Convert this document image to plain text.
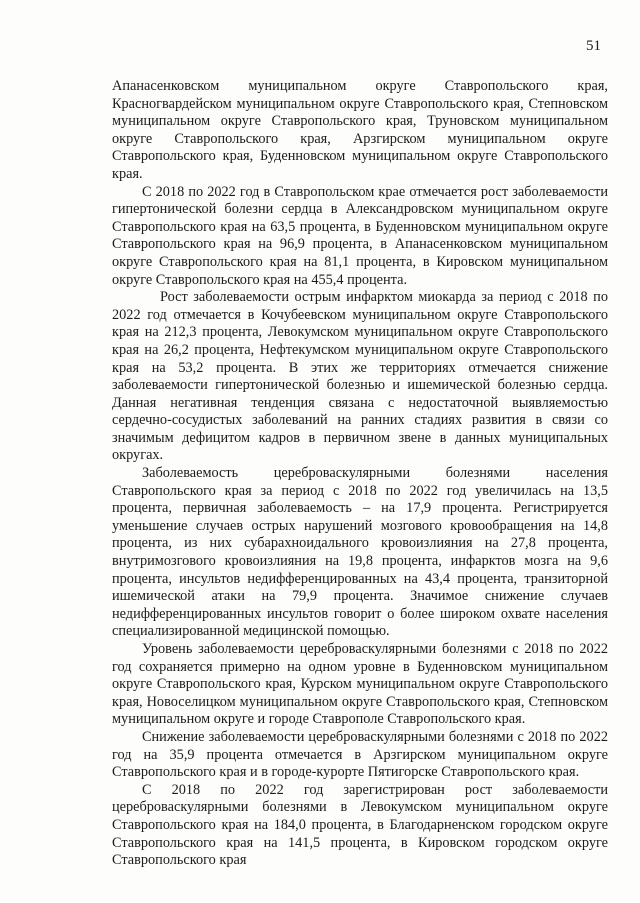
51

Апанасенковском муниципальном округе Ставропольского края, Красногвардейском муниципальном округе Ставропольского края, Степновском муниципальном округе Ставропольского края, Труновском муниципальном округе Ставропольского края, Арзгирском муниципальном округе Ставропольского края, Буденновском муниципальном округе Ставропольского края.

С 2018 по 2022 год в Ставропольском крае отмечается рост заболеваемости гипертонической болезни сердца в Александровском муниципальном округе Ставропольского края на 63,5 процента, в Буденновском муниципальном округе Ставропольского края на 96,9 процента, в Апанасенковском муниципальном округе Ставропольского края на 81,1 процента, в Кировском муниципальном округе Ставропольского края на 455,4 процента.

Рост заболеваемости острым инфарктом миокарда за период с 2018 по 2022 год отмечается в Кочубеевском муниципальном округе Ставропольского края на 212,3 процента, Левокумском муниципальном округе Ставропольского края на 26,2 процента, Нефтекумском муниципальном округе Ставропольского края на 53,2 процента. В этих же территориях отмечается снижение заболеваемости гипертонической болезнью и ишемической болезнью сердца. Данная негативная тенденция связана с недостаточной выявляемостью сердечно-сосудистых заболеваний на ранних стадиях развития в связи со значимым дефицитом кадров в первичном звене в данных муниципальных округах.

Заболеваемость цереброваскулярными болезнями населения Ставропольского края за период с 2018 по 2022 год увеличилась на 13,5 процента, первичная заболеваемость – на 17,9 процента. Регистрируется уменьшение случаев острых нарушений мозгового кровообращения на 14,8 процента, из них субарахноидального кровоизлияния на 27,8 процента, внутримозгового кровоизлияния на 19,8 процента, инфарктов мозга на 9,6 процента, инсультов недифференцированных на 43,4 процента, транзиторной ишемической атаки на 79,9 процента. Значимое снижение случаев недифференцированных инсультов говорит о более широком охвате населения специализированной медицинской помощью.

Уровень заболеваемости цереброваскулярными болезнями с 2018 по 2022 год сохраняется примерно на одном уровне в Буденновском муниципальном округе Ставропольского края, Курском муниципальном округе Ставропольского края, Новоселицком муниципальном округе Ставропольского края, Степновском муниципальном округе и городе Ставрополе Ставропольского края.

Снижение заболеваемости цереброваскулярными болезнями с 2018 по 2022 год на 35,9 процента отмечается в Арзгирском муниципальном округе Ставропольского края и в городе-курорте Пятигорске Ставропольского края.

С 2018 по 2022 год зарегистрирован рост заболеваемости цереброваскулярными болезнями в Левокумском муниципальном округе Ставропольского края на 184,0 процента, в Благодарненском городском округе Ставропольского края на 141,5 процента, в Кировском городском округе Ставропольского края
